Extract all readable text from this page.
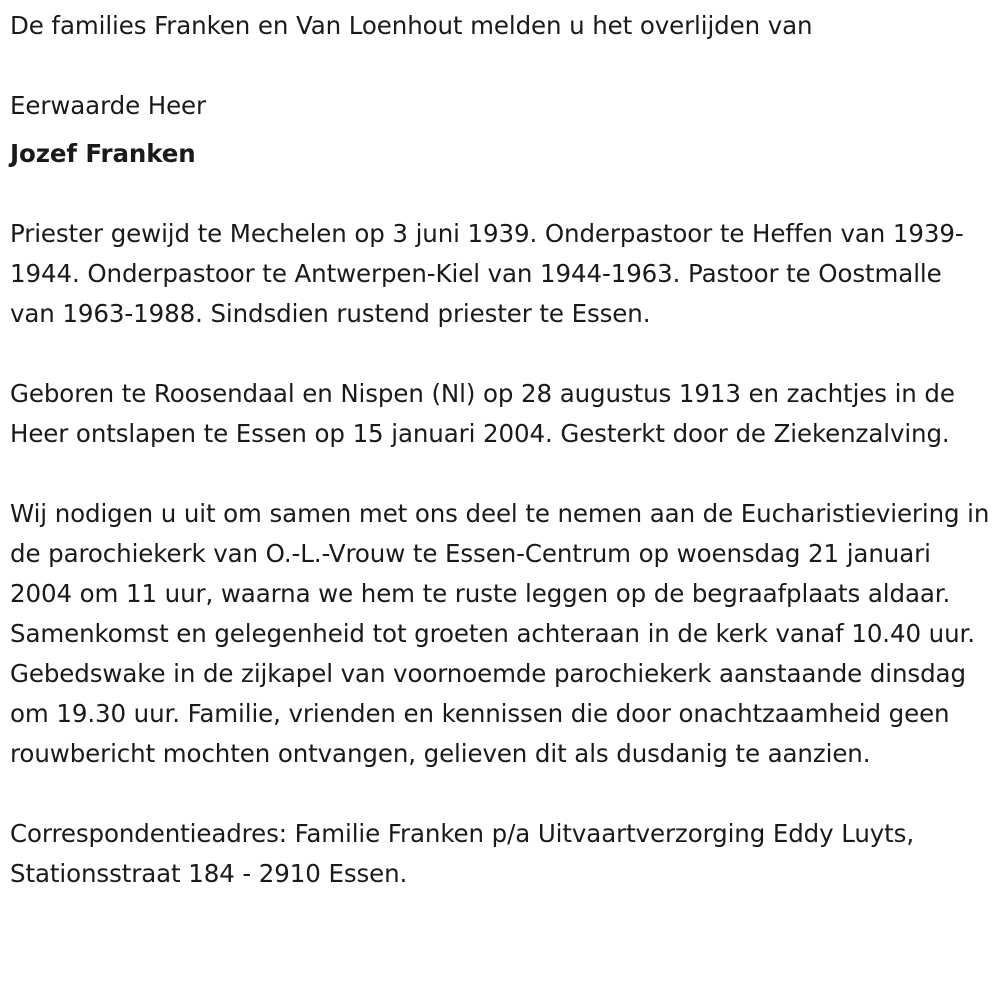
De families Franken en Van Loenhout melden u het overlijden van

Eerwaarde Heer

Jozef Franken

Priester gewijd te Mechelen op 3 juni 1939. Onderpastoor te Heffen van 1939-1944. Onderpastoor te Antwerpen-Kiel van 1944-1963. Pastoor te Oostmalle van 1963-1988. Sindsdien rustend priester te Essen.

Geboren te Roosendaal en Nispen (Nl) op 28 augustus 1913 en zachtjes in de Heer ontslapen te Essen op 15 januari 2004. Gesterkt door de Ziekenzalving.

Wij nodigen u uit om samen met ons deel te nemen aan de Eucharistieviering in de parochiekerk van O.-L.-Vrouw te Essen-Centrum op woensdag 21 januari 2004 om 11 uur, waarna we hem te ruste leggen op de begraafplaats aldaar. Samenkomst en gelegenheid tot groeten achteraan in de kerk vanaf 10.40 uur. Gebedswake in de zijkapel van voornoemde parochiekerk aanstaande dinsdag om 19.30 uur. Familie, vrienden en kennissen die door onachtzaamheid geen rouwbericht mochten ontvangen, gelieven dit als dusdanig te aanzien.

Correspondentieadres: Familie Franken p/a Uitvaartverzorging Eddy Luyts, Stationsstraat 184 - 2910 Essen.
